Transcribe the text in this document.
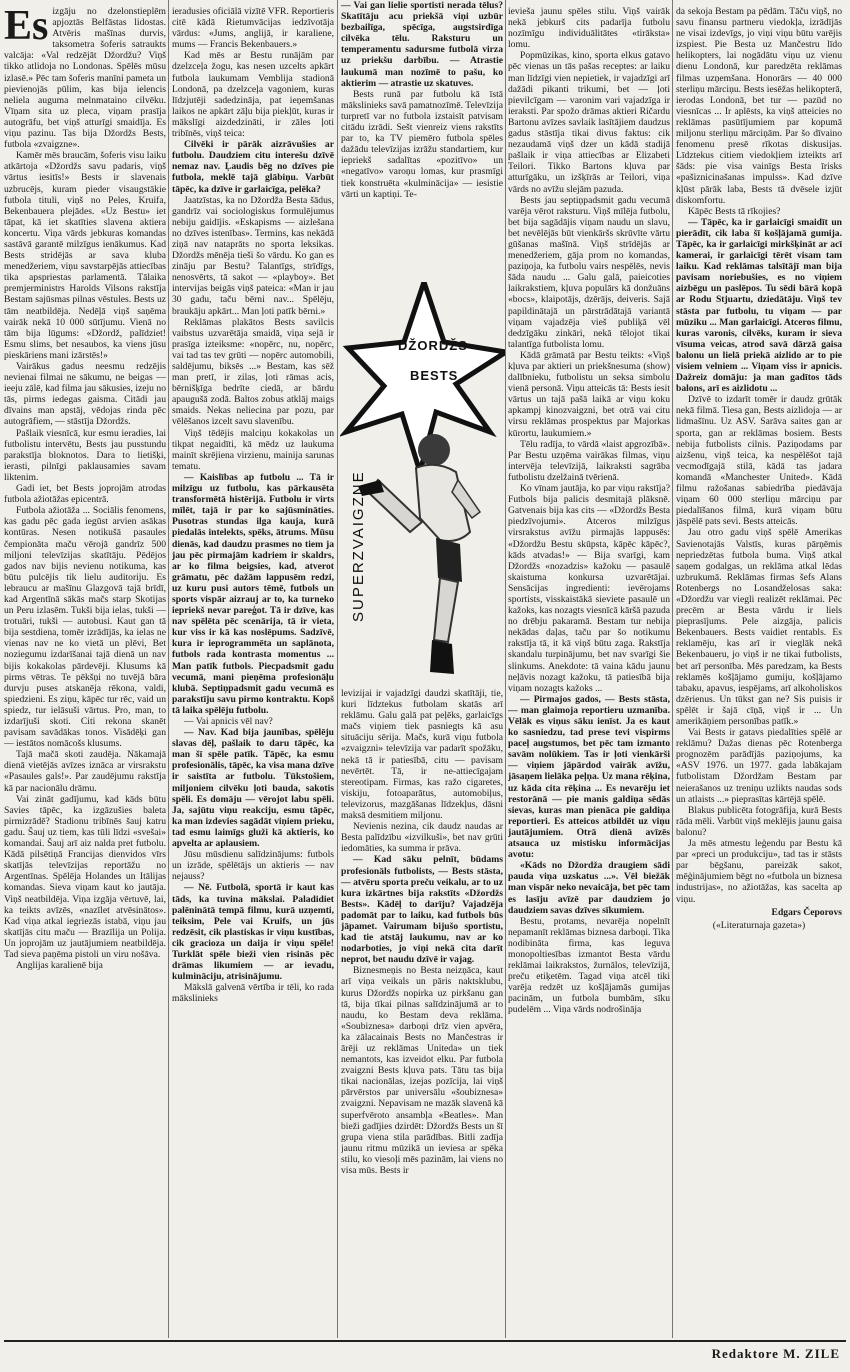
Es izgāju no dzelonstieplēm apjoztās Belfāstas lidostas. Atvēris mašīnas durvis, taksometra šoferis satraukts valcāja: «Val redzējāt Džordžu? Viņš tikko atlidoja no Londonas. Spēlēs mūsu izlasē.» Pēc tam šoferis manīni pameta un pievienojās pūlim, kas bija ielencis neliela auguma melnmataino cilvēku. Vīņam sita uz pleca, viņam prasīja autogrāfu, bet viņš atturīgi smaidīja. Es viņu pazinu. Tas bija Džordžs Bests, futbola «zvaigzne».

Kamēr mēs braucām, šoferis visu laiku atkārtoja «Džordžs savu padaris, viņš vārtus iesitīs!» Bests ir slavenais uzbrucējs, kuram pieder visaugstākie futbola tituli, viņš no Peles, Kruifa, Bekenbauera plejādes. «Uz Bestu» iet tāpat, kā iet skatīties slavena aktiera koncertu. Viņa vārds jebkuras komandas sastāvā garantē milzīgus ienākumus. Kad Bests stridējās ar sava kluba menedžeriem, viņu savstarpējās attiecības tika apspriestas parlamentā. Tālaika premjerministrs Harolds Vilsons rakstīja Bestam sajūsmas pilnas vēstules. Bests uz tām neatbildēja. Nedēļā viņš saņēma vairāk nekā 10 000 sūtījumu. Vienā no tām bija lūgums: «Džordž, palīdziet! Esmu slims, bet nesaubos, ka viens jūsu pieskāriens mani izārstēs!»

Vairākus gadus neesmu redzējis nevienai filmai ne sākumu, ne beigas — ieeju zālē, kad filma jau sākusies, izeju no tās, pirms iedegas gaisma. Citādi jau dīvains man apstāj, vēdojas rinda pēc autogrāfiem, — stāstīja Džordžs.

Pašlaik viesnīcā, kur esmu ieradies, lai futbolistu intervētu, Bests jau pusstundu parakstīja bloknotos. Dara to lietišķi, ierasti, pilnīgi paklausamies savam liktenim.

Gadi iet, bet Bests joprojām atrodas futbola ažiotāžas epicentrā.

Futbola ažiotāža ... Sociālis fenomens, kas gadu pēc gada iegūst arvien asākas kontūras. Nesen notikušā pasaules čempionāta maču vērojā gandrīz 500 miljoni televīzijas skatītāju. Pēdējos gados nav bijis nevienu notikuma, kas būtu pulcējis tik lielu auditoriju. Es lebraucu ar mašīnu Glazgovā tajā brīdī, kad Argentīnā sākās mačs starp Skotijas un Peru izlasēm. Tukši bija ielas, tukši — trotuāri, tukši — autobusi. Kaut gan tā bija sestdiena, tomēr izrādījās, ka ielas ne vienas nav ne ko vietā un plēvi, Bet noziegumu izdarīšanai tajā dienā un nav bijis kokakolas pārdevēji. Klusums kā pirms vētras. Te pēkšņi no tuvējā bāra durvju puses atskanēja rēkona, valdi, spiedzieni. Es ziņu, kāpēc tur rēc, vaid un spiedz, tur ielāsuši vārtus. Pro, man, to izdarījuši skoti. Citi rekona skanēt pavisam savādākas tonos. Visādēķi gan — iestātos nomācošs klusums.

Tajā mačā skoti zaudēja. Nākamajā dienā vietējās avīzes iznāca ar virsrakstu «Pasaules gals!». Par zaudējumu rakstīja kā par nacionālu drāmu.

Vai zināt gadījumu, kad kāds būtu Savies tāpēc, ka izgāzušies baleta pirmizrādē? Stadionu tribīnēs šauj katru gadu. Šauj uz tiem, kas tūli līdzi «svešai» komandai. Šauj arī aiz nalda pret futbolu. Kādā pilsētiņā Francijas dienvidos vīrs skatījās televīzijas reportāžu no Argentīnas. Spēlēja Holandes un Itālijas komandas. Sieva viņam kaut ko jautāja. Viņš neatbildēja. Viņa izgāja vērtuvē, lai, ka teikts avīzēs, «nazīlet atvēsinātos». Kad viņa atkal iegriezās istabā, viņu jau skatījās citu maču — Brazīlija un Polija. Un joprojām uz jautājumiem neatbildēja. Tad sieva paņēma pistoli un viru nošāva.

Anglijas karalienē bija

ieradusies oficiālā vizītē VFR. Reportieris citē kādā Rietumvācijas iedzīvotāja vārdus: «Jums, anglijā, ir karaliene, mums — Francis Bekenbauers.»

Kad mēs ar Bestu runājām par dzelzceļa žogu, kas nesen uzcelts apkārt futbola laukumam Vembliја stadionā Londonā, pa dzelzceļa vagoniem, kuras līdzjutēji sadedzināja, pat ieņemšanas laikos ne apkārt zāļu bija piekļūt, kuras ir mākslīgi aizdedzināti, ir zāles ļoti tribīnēs, viņš teica:

Cilvēki ir pārāk aizrāvušies ar futbolu. Daudziem citu interešu dzīvē nemaz nav. Ļaudis bēg no dzīves pie futbola, meklē tajā glābiņu. Varbūt tāpēc, ka dzīve ir garlaicīga, pelēka?

Jaatzīstas, ka no Džordža Besta šādus, gandrīz vai sociologiskus formulējumus nebiju gaidījis. «Eskapisms — aizlešana no dzīves istenības». Termins, kas nekādā ziņā nav nataprāts no sporta leksikas. Džordžs mēnēja tieši šo vārdu. Ko gan es zināju par Bestu? Talantīgs, strīdīgs, nenosvērts, tā sakot — «playboy». Bet intervijas beigās viņš pateica: «Man ir jau 30 gadu, taču bērni nav... Spēlēju, braukāju apkārt... Man ļoti patīk bērni.»

Reklāmas plakātos Bests savilcis vaibstus uzvarētāja smaidā, viņa sejā ir prasīga izteiksme: «nopērc, nu, nopērc, vai tad tas tev grūti — nopērc automobili, saldējumu, biksēs ...» Bestam, kas sēž man pretī, ir zilas, ļoti rāmas acis, bērnišķīga bedrīte ciedā, ar bārdu apaugušā zodā. Baltos zobus atklāj maigs smaids. Nekas neliecina par pozu, par vēlēšanos izcelt savu slavenību.

Viņš tēdējis malciņu kokakolas un tikpat negaidīti, kā mēdz uz laukuma mainīt skrējiena virzienu, mainija sarunas tematu.

— Kaislības ap futbolu ... Tā ir milzīgu uz futbolu, kas pārkausēta transformētā histērijā. Futbolu ir virts mīlēt, tajā ir par ko sajūsmināties. Pusotras stundas ilga kauja, kurā piedalās intelekts, spēks, ātrums. Mūsu dienās, kad daudzu prasmes no tiem ja jau pēc pirmajām kadriem ir skaldrs, ar ko filma beigsies, kad, atverot grāmatu, pēc dažām lappusēm redzi, uz kuru pusi autors tēmē, futbols un sports vispār aizrauj ar to, ka turneko iepriekš nevar pareģot. Tā ir dzīve, kas nav spēlēta pēc scenārija, tā ir vieta, kur viss ir kā kas noslēpums. Sadzīvē, kura ir ieprogrammēta un saplānota, futbols rada kontrasta momentus ... Man patīk futbols. Piecpadsmit gadu vecumā, mani pieņēma profesionāļu klubā. Septiņpadsmit gadu vecumā es parakstīju savu pirmo kontraktu. Kopš tā laika spēlēju futbolu.

— Vai apnicis vēl nav?

— Nav. Kad bija jaunības, spēlēju slavas dēļ, pašlaik to daru tāpēc, ka man šī spēle patīk. Tāpēc, ka esmu profesionālis, tāpēc, ka visa mana dzīve ir saistīta ar futbolu. Tūkstošiem, miljoniem cilvēku ļoti bauda, sakotis spēli. Es domāju — vērojot labu spēli. Ja, sajūtu viņu reakciju, esmu tāpēc, ka man izdevies sagādāt viņiem prieku, tad esmu laimīgs gluži kā aktieris, ko apvelta ar aplausiem.

Jūsu mūsdienu salīdzinājums: futbols un izrāde, spēlētājs un aktieris — nav nejauss?

— Nē. Futbolā, sportā ir kaut kas tāds, ka tuvina mākslai. Paladidiet palēninātā tempā filmu, kurā uzņemti, teiksim, Pele vai Kruifs, un jūs redzēsit, cik plastiskas ir viņu kustības, cik graciozа un daija ir viņu spēle! Turklāt spēle bieži vien risinās pēc drāmas likumiem — ar ievadu, kulmināciju, atrisinājumu.

Mākslā galvenā vērtība ir tēli, ko rada mākslinieks

— Vai gan lielie sportisti nerada tēlus? Skatītāju acu priekšā viņi uzbūr bezbailīga, spēcīga, augstsirdīga cilvēka tēlu. Raksturu un temperamentu sadursme futbolā virza uz priekšu darbību. — Atrastie laukumā man nozīmē to pašu, ko aktierim — atrastie uz skatuves.

Bests runā par futbolu kā īstā mākslinieks savā pamatnozīmē. Televīzija turpretī var no futbola izstaisīt patvisam citādu izrādi. Sešt vienreiz viens rakstīts par to, ka TV piemēro futbola spēles dažādu televīzijas izrāžu standartiem, kur iepriekš sadalītas «pozitīvo» un «negatīvo» varoņu lomas, kur prasmīgi tiek konstruēta «kulminācija» — iesistie vārti un kaptiņi. Te-

DŽORDŽS
BESTS

levizijai ir vajadzīgi daudzi skatītāji, tie, kuri līdztekus futbolam skatās arī reklāmu. Galu galā pat peļēks, garlaicīgs mačs viņiem tiek pasniegts kā asu situāciju sērija. Mačs, kurā viņu futbola «zvaigzni» televīzija var padarīt spožāku, nekā tā ir patiesībā, citu — pavisam nevērtēt. Tā, ir ne-attiecīgajam stereotipam. Firmas, kas ražo cigaretes, viskiju, fotoaparātus, automobiļus, televizorus, mazgāšanas līdzekļus, dāsni maksā desmitiem miljonu.

Nevienis nezina, cik daudz naudas ar Besta palīdzību «izvilkuši», bet nav grūti iedomāties, ka summa ir prāva.

— Kad sāku pelnīt, būdams profesionāls futbolists, — Bests stāsta, — atvēru sporta preču veikalu, ar to uz kura izkārtnes bija rakstīts «Džordžs Bests». Kādēļ to darīju? Vajadzēja padomāt par to laiku, kad futbols būs jāpamet. Vairumam bijušo sportistu, kad tie atstāj laukumu, nav ar ko nodarboties, jo viņi nekā cita darīt neprot, bet naudu dzīvē ir vajag.

Biznesmeņis no Besta neizņāca, kaut arī viņa veikals un pāris naktsklubu, kurus Džordžs nopirka uz pirkšanu gan tā, bija tīkai pilnas salīdzinājumā ar to naudu, ko Bestam deva reklāma. «Soubiznesa» darboņi drīz vien apvēra, ka zālacainais Bests no Mančestras ir ārēji uz reklāmas Uniteda» un tiek nemantots, kas izveidot elku. Par futbola zvaigzni Bests kļuva pats. Tātu tas bija tikai nacionālas, izejas pozīcija, lai viņš pārvērstos par universālu «šoubiznesa» zvaigzni. Nepavisam ne mazāk slavenā kā superfvēroto ansambļa «Beatles». Man bieži gadījies dzirdēt: Džordžs Bests un šī grupa viena stila parādības. Bitli zadīja jaunu ritmu mūzikā un ieviesa ar spēka stilu, ko viesoļi mēs pazinām, lai viens no visa mūs. Bests ir

ievieša jaunu spēles stilu. Viņš vairāk nekā jebkurš cits padarīja futbolu nozīmīgu individuālitātes «tirāksta» lomu.

Popmūzikas, kino, sporta elkus gatavo pēc vienas un tās pašas receptes: ar laiku man līdzīgi vien nepietiek, ir vajadzīgi arī dažādi pikanti trikumi, bet — ļoti pievilcīgam — varonim vari vajadzīga ir ieraksti. Par spožo drāmas aktieri Ričardu Bartonu avīzes savlaik lasītājiem daudzus gadus stāstīja tikai divus faktus: cik nezaudamā viņš dzer un kādā stadijā pašlaik ir viņa attiecības ar Elizabeti Teilori. Tikko Bartons kļuva par atturīgāku, un izšķīrās ar Teilori, viņa vārds no avīžu slejām pazuda.

Bests jau septiņpadsmit gadu vecumā varēja vērot raksturu. Viņš mīlēja futbolu, bet bija sagādājis viņam naudu un slavu, bet nevēlējās būt vienkāršs skrūvīte vārtu gūšanas mašīnā. Viņš strīdējās ar menedžeriem, gāja prom no komandas, paziņoja, ka futbolu vairs nespēlēs, nevis šāda naudu ... Galu galā, paieicoties laikrakstiem, kļuva populārs kā donžuāns «bocs», klaipotājs, dzērājs, deiveris. Sajā papildinātajā un pārstrādātajā variantā viņam vajadzēja vieš publiķā vēl dedzīgāku zinkāri, nekā tēlojot tikai talantīga futbolista lomu.

Kādā grāmatā par Bestu teikts: «Viņš kļuva par aktieri un priekšnesuma (show) dalībnieku, futbolistu un seksa simbolu vienā personā. Viņu atteicās tā: Bests iesit vārtus un tajā pašā laikā ar viņu koku apkampj kinozvaigzni, bet otrā vai citu virsu reklāmas prospektus par Majorkas kūrortu, laukumiem.»

Tēlu radīja, to vārdā «laist apgrozībā». Par Bestu uzņēma vairākas filmas, viņu intervēja televīzijā, laikraksti sagrāba futbolistu dzelžainā tvērienā.

Ko vīnam jautāja, ko par viņu rakstīja? Futbols bija palicis desmitajā plāksnē. Gatvenais bija kas cits — «Džordžs Besta piedzīvojumi». Atceros milzīgus virsrakstus avīžu pirmajās lappusēs: «Džordžu Bestu skūpsta, kāpēc kāpēc?, kāds atvadas!» — Bija svarīgi, kam Džordžs «nozadzis» kažoku — pasaulē skaistuma konkursa uzvarētājai. Sensācijas ingredienti: ievērojams sportists, visskaistākā sieviete pasaulē un kažoks, kas nozagts viesnīcā kāršā pazuda no drēbju pakaramā. Bestam tur nebija nekādas daļas, taču par šo notikumu rakstīja tā, it kā viņš būtu zaga. Rakstīja skandalu turpinājumu, bet nav svarīgi šie slinkums. Anekdote: tā vaina kādu jaunu neļāvis nozagt kažoku, tā patiesībā bija viņam nozagts kažoks ...

— Pirmajos gados, — Bests stāsta, — man glaimoja reportieru uzmanība. Vēlāk es viņus sāku ienīst. Ja es kaut ko sasniedzu, tad prese tevi vispirms paceļ augstumos, bet pēc tam izmanto savām nolūkiem. Tas ir ļoti vienkārši — viņiem jāpārdod vairāk avīžu, jāsaņem lielāka peļņa. Uz mana rēķina, uz kāda cita rēķina ... Es nevarēju iet restorānā — pie manis galdiņa sēdās sievas, kuras man pienāca pie galdiņa reportieri. Es atteicos atbildēt uz viņu jautājumiem. Otrā dienā avīzēs atsauca uz mistisku informācijas avotu:

«Kāds no Džordža draugiem sādi pauda viņa uzskatus ...». Vēl biežāk man vispār neko nevaicāja, bet pēc tam es lasīju avīzē par daudziem jo daudziem savas dzīves sīkumiem.

Bestu, protams, nevarēja nopelnīt nepamanīt reklāmas biznesa darboņi. Tika nodibināta firma, kas leguva monopoltiesības izmantot Besta vārdu reklāmai laikrakstos, žurnālos, televīzijā, preču etiķetēm. Tagad viņa atcēl tiki varēja redzēt uz košļājamās gumijas pacinām, un futbola bumbām, sīku pudelēm ... Viņa vārds nodrošināja

da sekoja Bestam pa pēdām. Tāču viņš, no savu finansu partneru viedokļa, izrādījās ne visai izdevīgs, jo viņi viņu būtu varējis izspiest. Pie Besta uz Mančestru līdo helikopters, lai nogādātu viņu uz vienu dienu Londonā, kur paredzēta reklāmas filmas uzņemšana. Honorārs — 40 000 sterliņu mārciņu. Bests iesēžas helikopterā, ierodas Londonā, bet tur — pazūd no viesnīcas ... Ir aplēsts, ka viņš atteicies no reklāmas pasūtījumiem par kopumā miljonu sterliņu mārciņām. Par šo dīvaino fenomenu presē rīkotas diskusijas. Līdztekus citiem viedokļiem izteikts arī šāds: pie visa vainīgs Besta īrisks «pašiznicinašanas impulss». Kad dzīve kļūst pārāk laba, Bests tā dvēsele izjūt diskomfortu.

Kāpēc Bests tā rīkojies?

— Tāpēc, ka ir garlaicīgi smaidīt un pierādīt, cik laba šī košļājamā gumija. Tāpēc, ka ir garlaicīgi mirkšķināt ar acī kamerai, ir garlaicīgi tērēt visam tam laiku. Kad reklāmas talsītājī man bija pavisam noriebušies, es no viņiem aizbēgu un paslēpos. Tu sēdi bārā kopā ar Rodu Stjuartu, dziedātāju. Viņš tev stāsta par futbolu, tu viņam — par mūziku ... Man garlaicīgi. Atceros filmu, kuras varonis, cilvēks, kuram ir sieva vīsuma veicas, atrod savā dārzā gaisa balonu un lielā priekā aizlido ar to pie visiem velniem ... Viņam viss ir apnicis. Dažreiz domāju: ja man gadītos tāds balons, arī es aizlidotu ...

Dzīvē to izdarīt tomēr ir daudz grūtāk nekā filmā. Tiesa gan, Bests aizlidoja — ar lidmašīnu. Uz ASV. Sarāva saites gan ar sporta, gan ar reklāmas bosiem. Bests nebija futbolists cilnis. Paziņodams par aizšenu, viņš teica, ka nespēlēšot tajā vecmodīgajā stilā, kādā tas jadara komandā «Manchester United». Kādā filmu ražošanas sabiedrība piedāvāja viņam 60 000 sterliņu mārciņu par piedalīšanos filmā, kurā viņam būtu jāspēlē pats sevi. Bests atteicās.

Jau otro gadu viņš spēlē Amerikas Savienotajās Valstīs, kuras pārņēmis nepriedzētas futbola buma. Viņš atkal saņem godalgas, un reklāma atkal lēdas uzbrukumā. Reklāmas firmas šefs Alans Rotenbergs no Losandželosas saka: «Džordžu var viegli realizēt reklāmai. Pēc precēm ar Besta vārdu ir liels pieprasījums. Pele aizgāja, palicis Bekenbauers. Bests vaidiet rentabls. Es reklamēju, kas arī ir vieglāk nekā Bekenbaueru, jo viņš ir ne tikai futbolists, bet arī personība. Mēs paredzam, ka Bests reklamēs košļājamo gumiju, košļājamo tabaku, apavus, iespējams, arī alkoholiskos dzērienus. Un tūkst gan ne? Sis puisis ir spēlēt ir šajā cīņā, viņš ir ... Un amerikāņiem personības patīk.»

Vai Bests ir gatavs piedalīties spēlē ar reklāmu? Dažas dienas pēc Rotenberga prognozēm parādījās paziņojums, ka «ASV 1976. un 1977. gada labākajam futbolistam Džordžam Bestam par neierašanos uz treniņu uzlikts naudas sods un atlaists ...» pieprasītas kārtējā spēlē.

Blakus publicēta fotogrāfija, kurā Bests rāda mēli. Varbūt viņš meklējis jaunu gaisa balonu?

Ja mēs atmestu leģendu par Bestu kā par «preci un produkciju», tad tas ir stāsts par bēgšanu, pareizāk sakot, mēģinājumiem bēgt no «futbola un biznesa industrijas», no ažiotāžas, kas sacelta ap viņu.

Edgars Čeporovs
(«Literaturnaja gazeta»)
Redaktore M. ZILE
